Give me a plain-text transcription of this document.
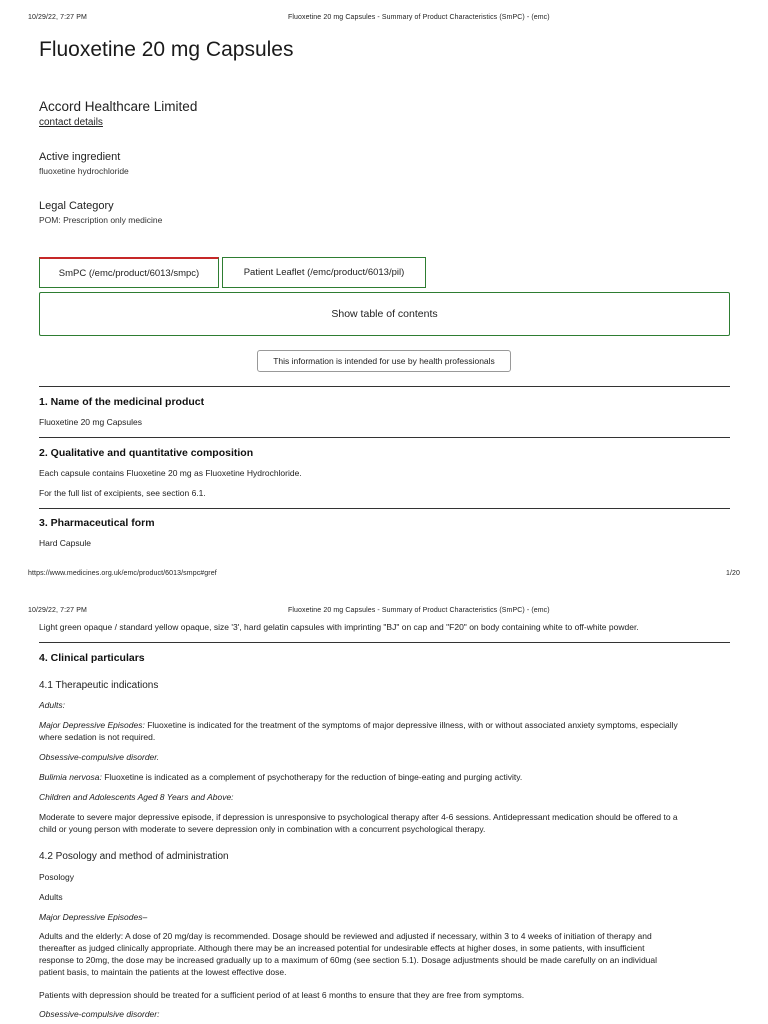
10/29/22, 7:27 PM	Fluoxetine 20 mg Capsules - Summary of Product Characteristics (SmPC) - (emc)
Fluoxetine 20 mg Capsules
Accord Healthcare Limited
contact details
Active ingredient
fluoxetine hydrochloride
Legal Category
POM: Prescription only medicine
SmPC (/emc/product/6013/smpc)	Patient Leaflet (/emc/product/6013/pil)
Show table of contents
This information is intended for use by health professionals
1. Name of the medicinal product
Fluoxetine 20 mg Capsules
2. Qualitative and quantitative composition
Each capsule contains Fluoxetine 20 mg as Fluoxetine Hydrochloride.
For the full list of excipients, see section 6.1.
3. Pharmaceutical form
Hard Capsule
https://www.medicines.org.uk/emc/product/6013/smpc#gref	1/20
10/29/22, 7:27 PM	Fluoxetine 20 mg Capsules - Summary of Product Characteristics (SmPC) - (emc)
Light green opaque / standard yellow opaque, size '3', hard gelatin capsules with imprinting "BJ" on cap and "F20" on body containing white to off-white powder.
4. Clinical particulars
4.1 Therapeutic indications
Adults:
Major Depressive Episodes: Fluoxetine is indicated for the treatment of the symptoms of major depressive illness, with or without associated anxiety symptoms, especially
where sedation is not required.
Obsessive-compulsive disorder.
Bulimia nervosa: Fluoxetine is indicated as a complement of psychotherapy for the reduction of binge-eating and purging activity.
Children and Adolescents Aged 8 Years and Above:
Moderate to severe major depressive episode, if depression is unresponsive to psychological therapy after 4-6 sessions. Antidepressant medication should be offered to a
child or young person with moderate to severe depression only in combination with a concurrent psychological therapy.
4.2 Posology and method of administration
Posology
Adults
Major Depressive Episodes–
Adults and the elderly: A dose of 20 mg/day is recommended. Dosage should be reviewed and adjusted if necessary, within 3 to 4 weeks of initiation of therapy and
thereafter as judged clinically appropriate. Although there may be an increased potential for undesirable effects at higher doses, in some patients, with insufficient
response to 20mg, the dose may be increased gradually up to a maximum of 60mg (see section 5.1). Dosage adjustments should be made carefully on an individual
patient basis, to maintain the patients at the lowest effective dose.
Patients with depression should be treated for a sufficient period of at least 6 months to ensure that they are free from symptoms.
Obsessive-compulsive disorder:
